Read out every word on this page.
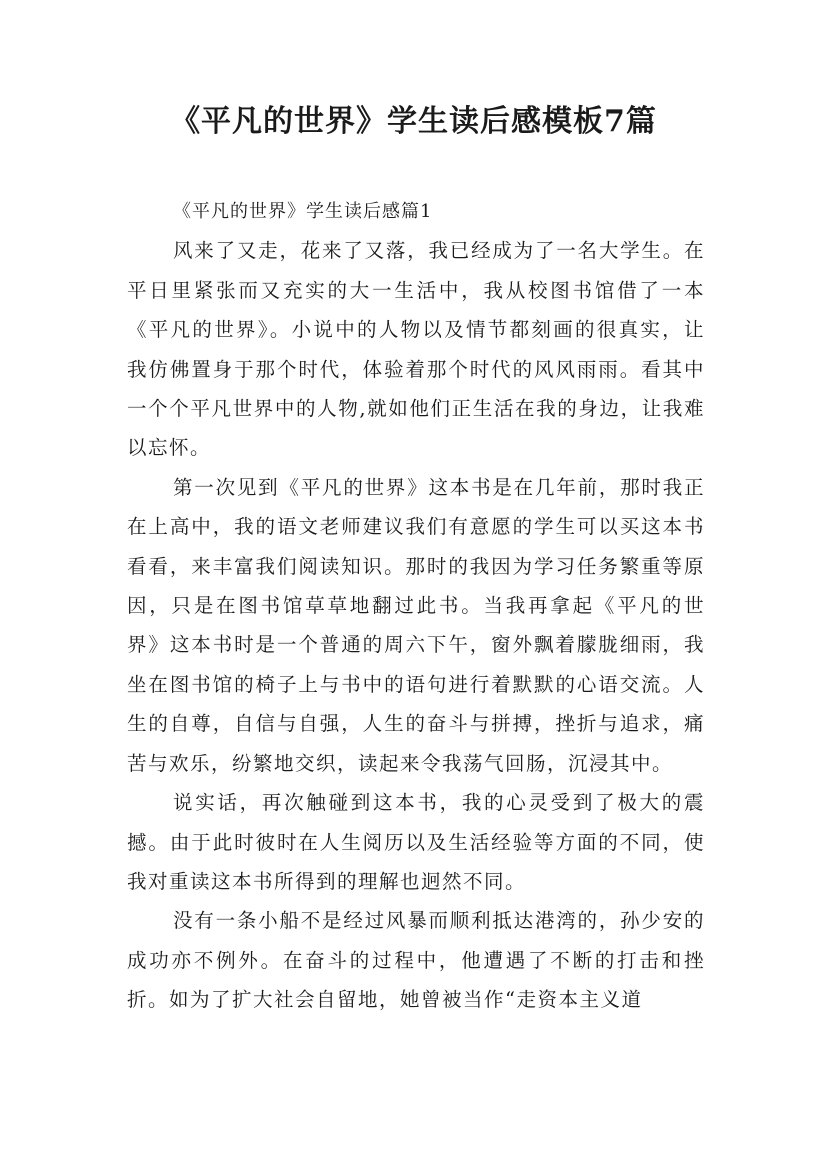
《平凡的世界》学生读后感模板7篇

《平凡的世界》学生读后感篇1

风来了又走，花来了又落，我已经成为了一名大学生。在平日里紧张而又充实的大一生活中，我从校图书馆借了一本《平凡的世界》。小说中的人物以及情节都刻画的很真实，让我仿佛置身于那个时代，体验着那个时代的风风雨雨。看其中一个个平凡世界中的人物,就如他们正生活在我的身边，让我难以忘怀。

第一次见到《平凡的世界》这本书是在几年前，那时我正在上高中，我的语文老师建议我们有意愿的学生可以买这本书看看，来丰富我们阅读知识。那时的我因为学习任务繁重等原因，只是在图书馆草草地翻过此书。当我再拿起《平凡的世界》这本书时是一个普通的周六下午，窗外飘着朦胧细雨，我坐在图书馆的椅子上与书中的语句进行着默默的心语交流。人生的自尊，自信与自强，人生的奋斗与拼搏，挫折与追求，痛苦与欢乐，纷繁地交织，读起来令我荡气回肠，沉浸其中。

说实话，再次触碰到这本书，我的心灵受到了极大的震撼。由于此时彼时在人生阅历以及生活经验等方面的不同，使我对重读这本书所得到的理解也迥然不同。

没有一条小船不是经过风暴而顺利抵达港湾的，孙少安的成功亦不例外。在奋斗的过程中，他遭遇了不断的打击和挫折。如为了扩大社会自留地，她曾被当作“走资本主义道
